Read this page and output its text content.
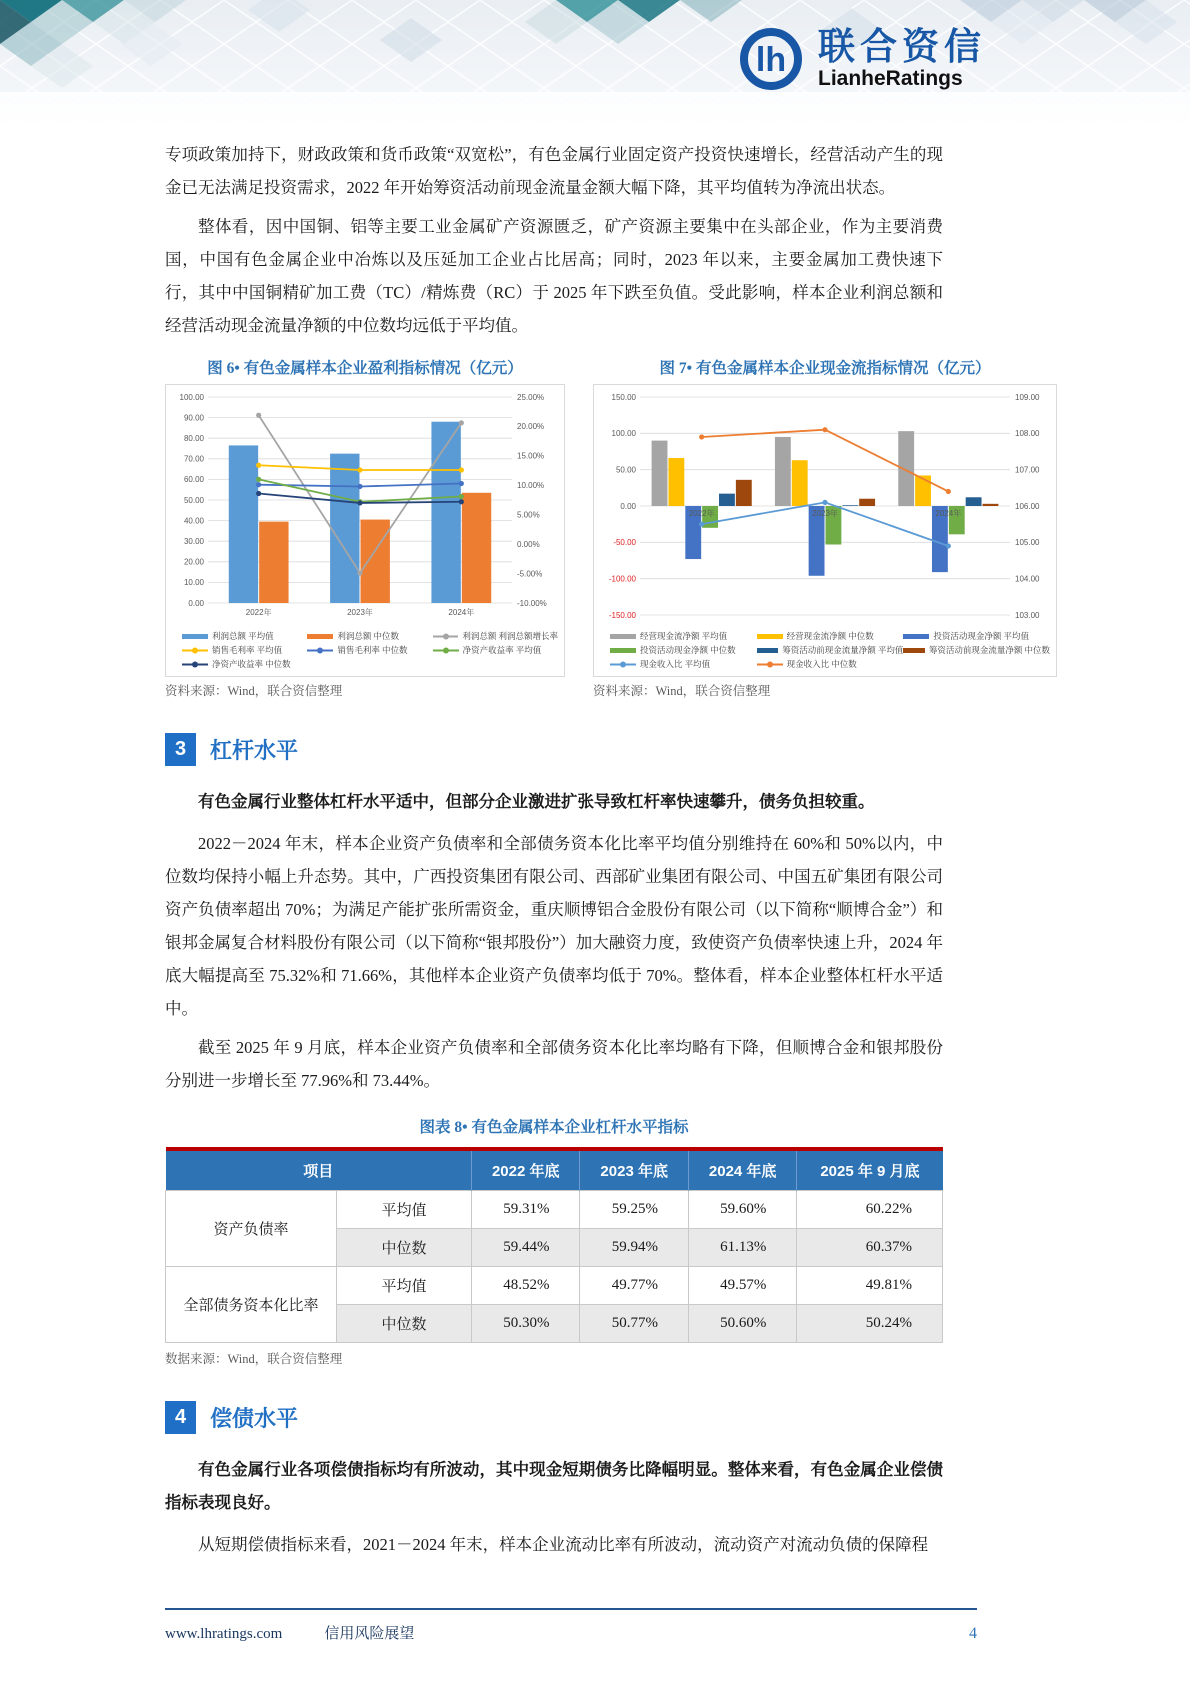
lh 联合资信
LianheRatings

专项政策加持下，财政政策和货币政策“双宽松”，有色金属行业固定资产投资快速增长，经营活动产生的现金已无法满足投资需求，2022 年开始筹资活动前现金流量金额大幅下降，其平均值转为净流出状态。

整体看，因中国铜、铝等主要工业金属矿产资源匮乏，矿产资源主要集中在头部企业，作为主要消费国，中国有色金属企业中冶炼以及压延加工企业占比居高；同时，2023 年以来，主要金属加工费快速下行，其中中国铜精矿加工费（TC）/精炼费（RC）于 2025 年下跌至负值。受此影响，样本企业利润总额和经营活动现金流量净额的中位数均远低于平均值。

图 6• 有色金属样本企业盈利指标情况（亿元）
0.00
10.00
20.00
30.00
40.00
50.00
60.00
70.00
80.00
90.00
100.00
-10.00%
-5.00%
0.00%
5.00%
10.00%
15.00%
20.00%
25.00%
2022年	2023年	2024年
利润总额 平均值	利润总额 中位数	利润总额 利润总额增长率
销售毛利率 平均值	销售毛利率 中位数	净资产收益率 平均值
净资产收益率 中位数
资料来源：Wind，联合资信整理
图 7• 有色金属样本企业现金流指标情况（亿元）
-150.00
-100.00
-50.00
0.00
50.00
100.00
150.00
103.00
104.00
105.00
106.00
107.00
108.00
109.00
2022年	2023年	2024年
经营现金流净额 平均值	经营现金流净额 中位数	投资活动现金净额 平均值
投资活动现金净额 中位数	筹资活动前现金流量净额 平均值	筹资活动前现金流量净额 中位数
现金收入比 平均值	现金收入比 中位数
资料来源：Wind，联合资信整理
3	杠杆水平

有色金属行业整体杠杆水平适中，但部分企业激进扩张导致杠杆率快速攀升，债务负担较重。

2022－2024 年末，样本企业资产负债率和全部债务资本化比率平均值分别维持在 60%和 50%以内，中位数均保持小幅上升态势。其中，广西投资集团有限公司、西部矿业集团有限公司、中国五矿集团有限公司资产负债率超出 70%；为满足产能扩张所需资金，重庆顺博铝合金股份有限公司（以下简称“顺博合金”）和银邦金属复合材料股份有限公司（以下简称“银邦股份”）加大融资力度，致使资产负债率快速上升，2024 年底大幅提高至 75.32%和 71.66%，其他样本企业资产负债率均低于 70%。整体看，样本企业整体杠杆水平适中。

截至 2025 年 9 月底，样本企业资产负债率和全部债务资本化比率均略有下降，但顺博合金和银邦股份分别进一步增长至 77.96%和 73.44%。

图表 8• 有色金属样本企业杠杆水平指标
项目		2022 年底	2023 年底	2024 年底	2025 年 9 月底
资产负债率	平均值	59.31%	59.25%	59.60%	60.22%
	中位数	59.44%	59.94%	61.13%	60.37%
全部债务资本化比率	平均值	48.52%	49.77%	49.57%	49.81%
	中位数	50.30%	50.77%	50.60%	50.24%
数据来源：Wind，联合资信整理
4	偿债水平

有色金属行业各项偿债指标均有所波动，其中现金短期债务比降幅明显。整体来看，有色金属企业偿债指标表现良好。

从短期偿债指标来看，2021－2024 年末，样本企业流动比率有所波动，流动资产对流动负债的保障程

www.lhratings.com	信用风险展望	4
